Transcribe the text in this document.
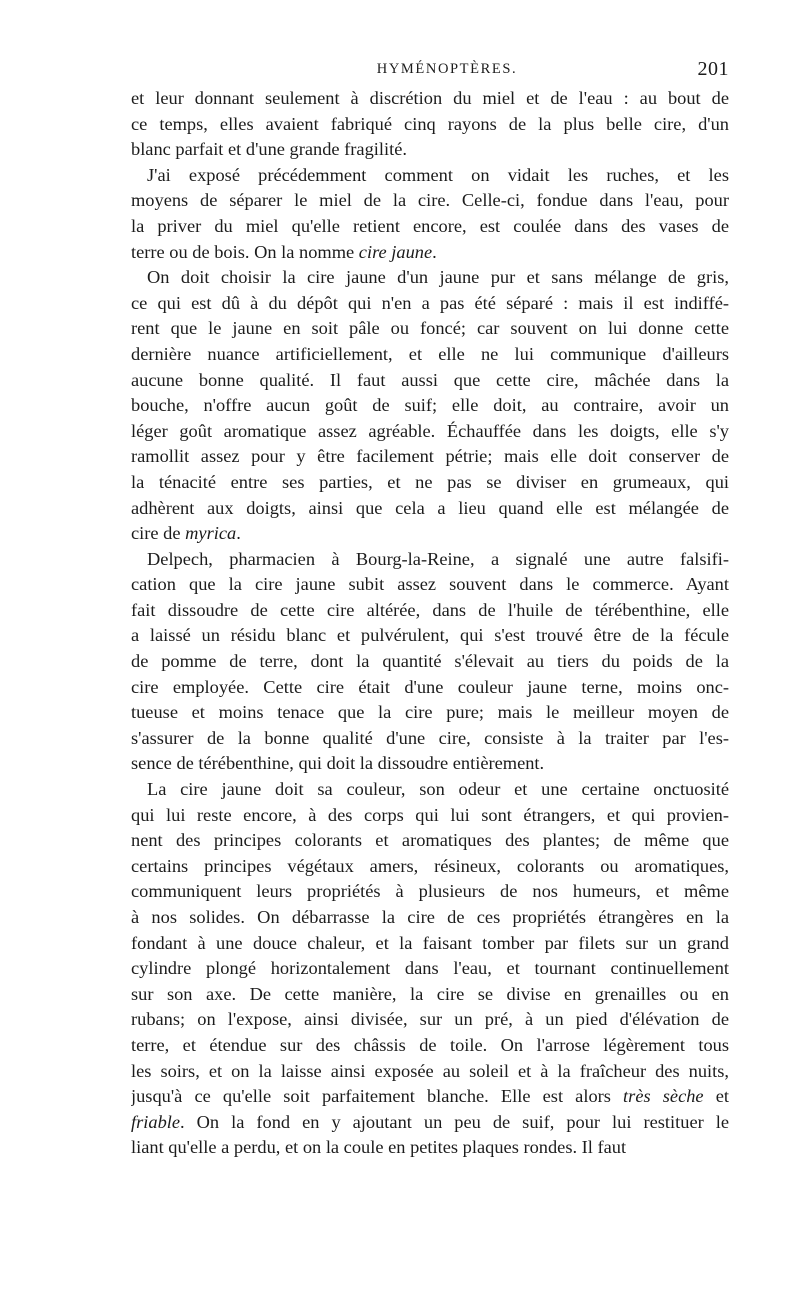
HYMÉNOPTÈRES.	201
et leur donnant seulement à discrétion du miel et de l'eau : au bout de
ce temps, elles avaient fabriqué cinq rayons de la plus belle cire, d'un
blanc parfait et d'une grande fragilité.
J'ai exposé précédemment comment on vidait les ruches, et les
moyens de séparer le miel de la cire. Celle-ci, fondue dans l'eau, pour
la priver du miel qu'elle retient encore, est coulée dans des vases de
terre ou de bois. On la nomme cire jaune.
On doit choisir la cire jaune d'un jaune pur et sans mélange de gris,
ce qui est dû à du dépôt qui n'en a pas été séparé : mais il est indiffé-
rent que le jaune en soit pâle ou foncé; car souvent on lui donne cette
dernière nuance artificiellement, et elle ne lui communique d'ailleurs
aucune bonne qualité. Il faut aussi que cette cire, mâchée dans la
bouche, n'offre aucun goût de suif; elle doit, au contraire, avoir un
léger goût aromatique assez agréable. Échauffée dans les doigts, elle s'y
ramollit assez pour y être facilement pétrie; mais elle doit conserver de
la ténacité entre ses parties, et ne pas se diviser en grumeaux, qui
adhèrent aux doigts, ainsi que cela a lieu quand elle est mélangée de
cire de myrica.
Delpech, pharmacien à Bourg-la-Reine, a signalé une autre falsifi-
cation que la cire jaune subit assez souvent dans le commerce. Ayant
fait dissoudre de cette cire altérée, dans de l'huile de térébenthine, elle
a laissé un résidu blanc et pulvérulent, qui s'est trouvé être de la fécule
de pomme de terre, dont la quantité s'élevait au tiers du poids de la
cire employée. Cette cire était d'une couleur jaune terne, moins onc-
tueuse et moins tenace que la cire pure; mais le meilleur moyen de
s'assurer de la bonne qualité d'une cire, consiste à la traiter par l'es-
sence de térébenthine, qui doit la dissoudre entièrement.
La cire jaune doit sa couleur, son odeur et une certaine onctuosité
qui lui reste encore, à des corps qui lui sont étrangers, et qui provien-
nent des principes colorants et aromatiques des plantes; de même que
certains principes végétaux amers, résineux, colorants ou aromatiques,
communiquent leurs propriétés à plusieurs de nos humeurs, et même
à nos solides. On débarrasse la cire de ces propriétés étrangères en la
fondant à une douce chaleur, et la faisant tomber par filets sur un grand
cylindre plongé horizontalement dans l'eau, et tournant continuellement
sur son axe. De cette manière, la cire se divise en grenailles ou en
rubans; on l'expose, ainsi divisée, sur un pré, à un pied d'élévation de
terre, et étendue sur des châssis de toile. On l'arrose légèrement tous
les soirs, et on la laisse ainsi exposée au soleil et à la fraîcheur des nuits,
jusqu'à ce qu'elle soit parfaitement blanche. Elle est alors très sèche et
friable. On la fond en y ajoutant un peu de suif, pour lui restituer le
liant qu'elle a perdu, et on la coule en petites plaques rondes. Il faut
